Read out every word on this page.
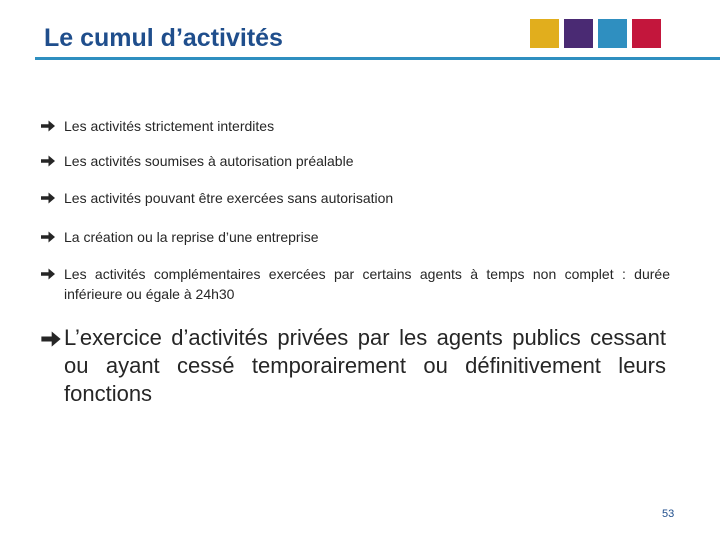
Le cumul d’activités
Les activités strictement interdites
Les activités soumises à autorisation préalable
Les activités pouvant être exercées sans autorisation
La création ou la reprise d’une entreprise
Les activités complémentaires exercées par certains agents à temps non complet : durée inférieure ou égale à 24h30
L’exercice d’activités privées par les agents publics cessant ou ayant cessé temporairement ou définitivement leurs fonctions
53
